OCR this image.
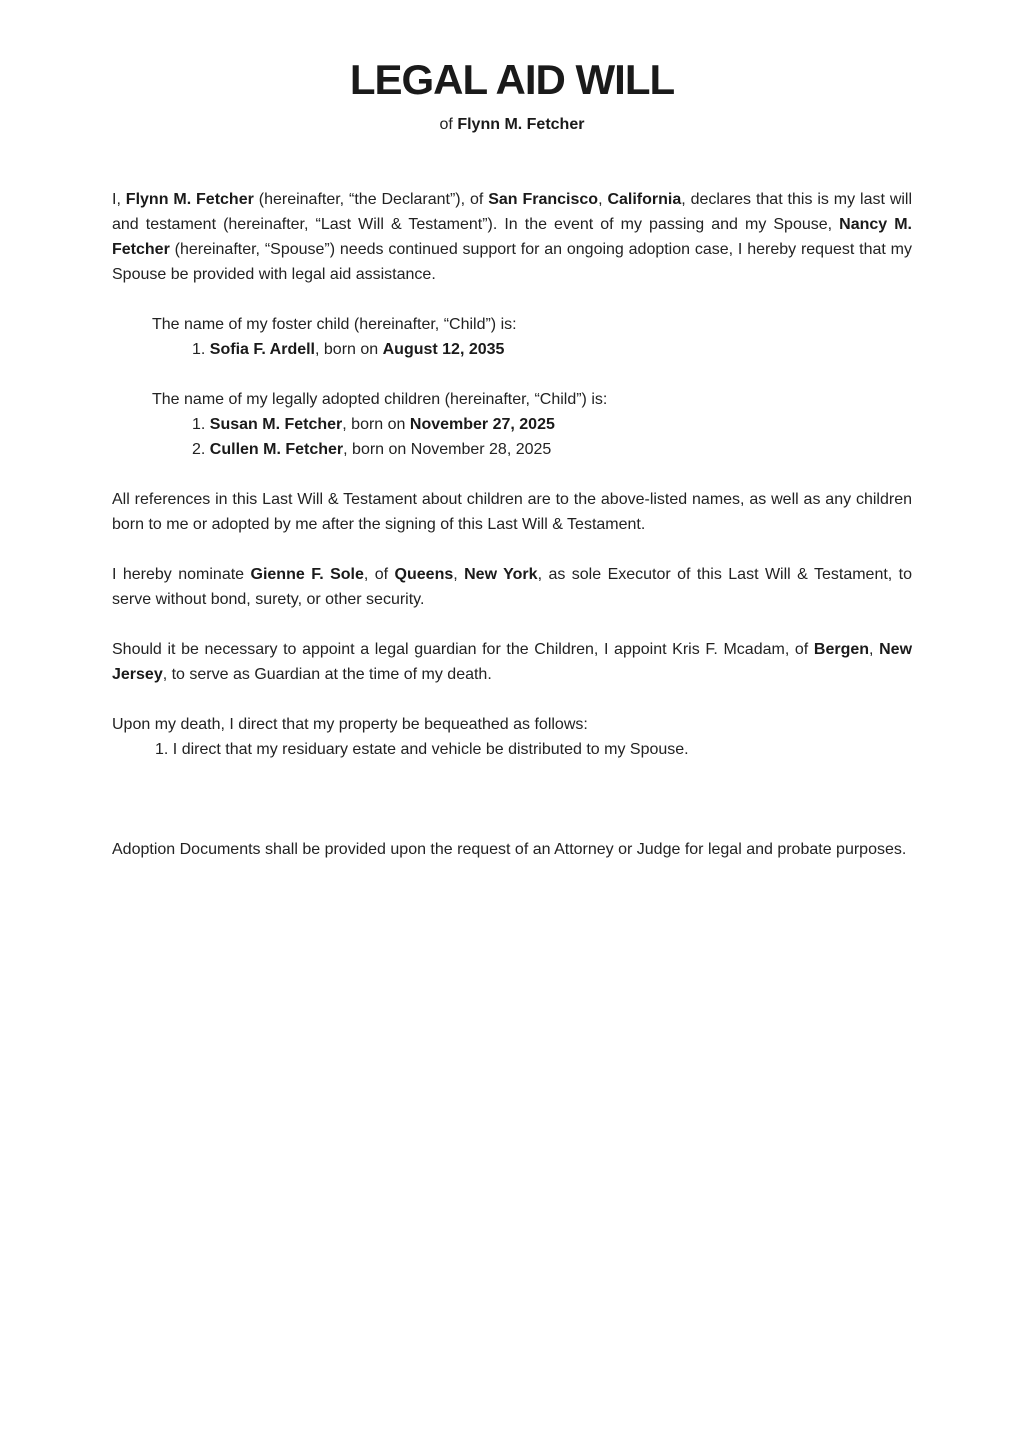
LEGAL AID WILL
of Flynn M. Fetcher

I, Flynn M. Fetcher (hereinafter, “the Declarant”), of San Francisco, California, declares that this is my last will and testament (hereinafter, “Last Will & Testament”). In the event of my passing and my Spouse, Nancy M. Fetcher (hereinafter, “Spouse”) needs continued support for an ongoing adoption case, I hereby request that my Spouse be provided with legal aid assistance.

The name of my foster child (hereinafter, “Child”) is:

1. Sofia F. Ardell, born on August 12, 2035

The name of my legally adopted children (hereinafter, “Child”) is:

1. Susan M. Fetcher, born on November 27, 2025
2. Cullen M. Fetcher, born on November 28, 2025

All references in this Last Will & Testament about children are to the above-listed names, as well as any children born to me or adopted by me after the signing of this Last Will & Testament.

I hereby nominate Gienne F. Sole, of Queens, New York, as sole Executor of this Last Will & Testament, to serve without bond, surety, or other security.

Should it be necessary to appoint a legal guardian for the Children, I appoint Kris F. Mcadam, of Bergen, New Jersey, to serve as Guardian at the time of my death.

Upon my death, I direct that my property be bequeathed as follows:

1. I direct that my residuary estate and vehicle be distributed to my Spouse.

Adoption Documents shall be provided upon the request of an Attorney or Judge for legal and probate purposes.
